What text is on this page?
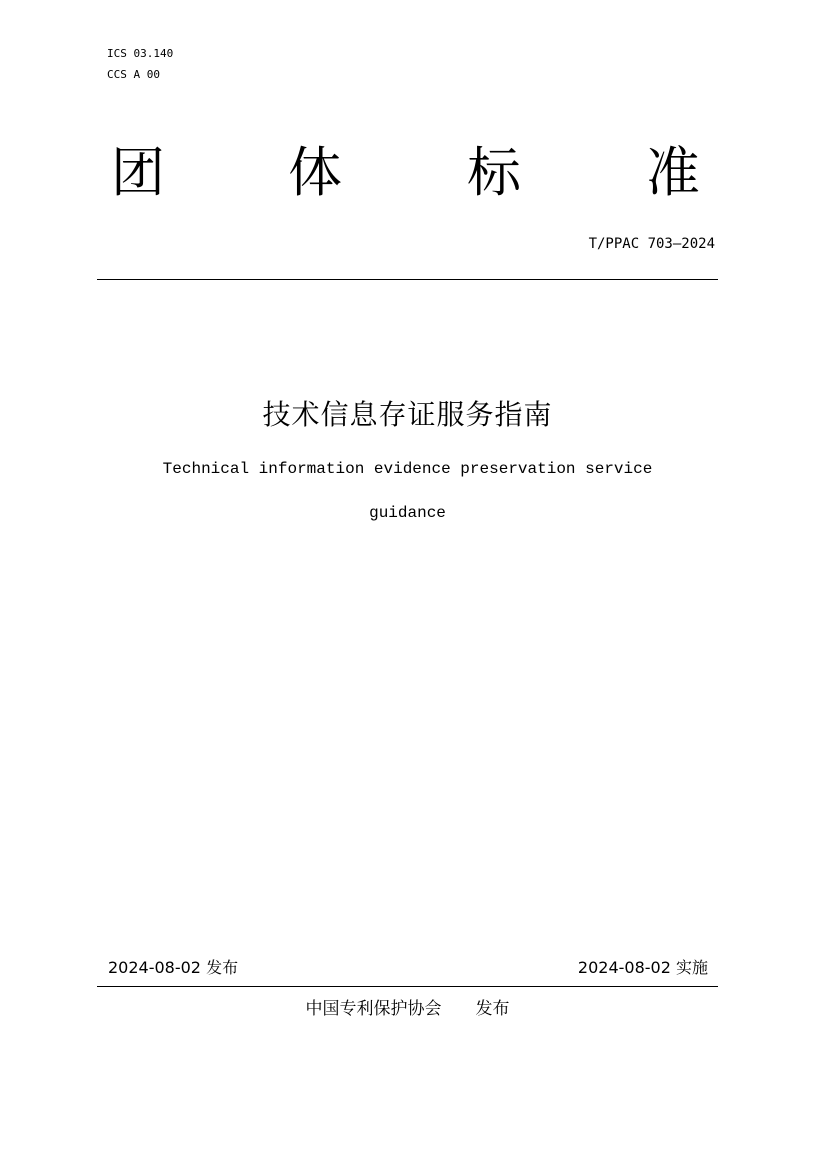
ICS 03.140
CCS A 00
团 体 标 准
T/PPAC 703—2024
技术信息存证服务指南
Technical information evidence preservation service
guidance
2024-08-02 发布	2024-08-02 实施
中国专利保护协会　　发布
